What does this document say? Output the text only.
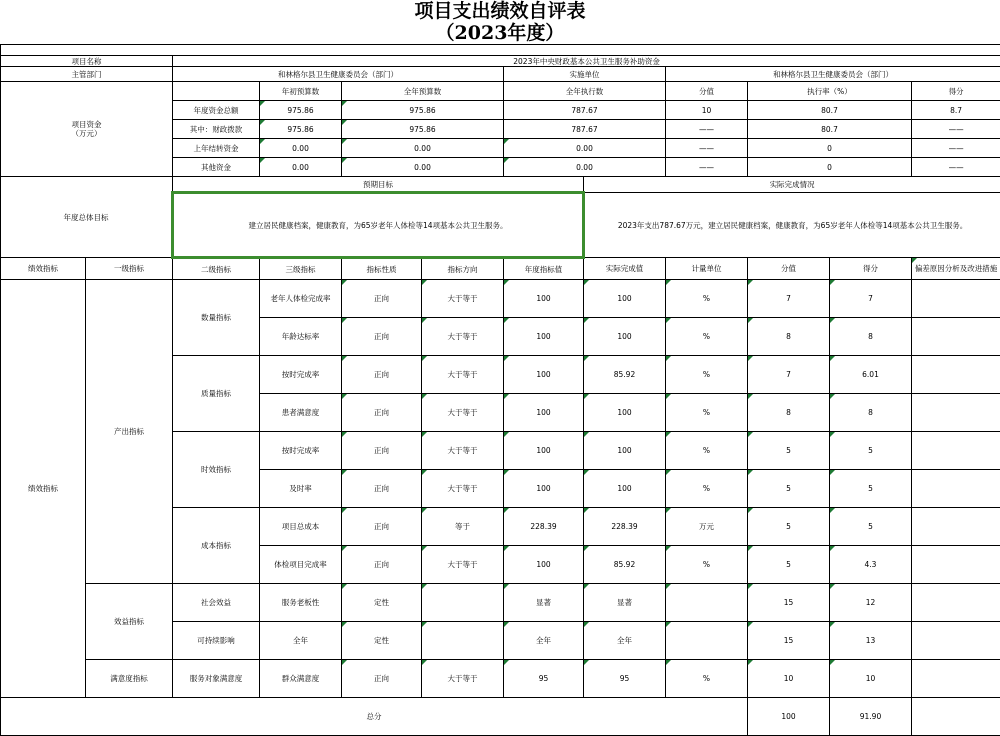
项目支出绩效自评表
（2023年度）

项目名称		2023年中央财政基本公共卫生服务补助资金									
主管部门		和林格尔县卫生健康委员会（部门）				实施单位		和林格尔县卫生健康委员会（部门）			
项目资金
（万元）			年初预算数	全年预算数		全年执行数		分值	执行率（%）		得分
		年度资金总额	975.86	975.86		787.67		10	80.7		8.7
		其中：财政拨款	975.86	975.86		787.67		——	80.7		——
		上年结转资金	0.00	0.00		0.00		——	0		——
		其他资金	0.00	0.00		0.00		——	0		——
年度总体目标		预期目标					实际完成情况				
		建立居民健康档案，健康教育，为65岁老年人体检等14项基本公共卫生服务。					2023年支出787.67万元，建立居民健康档案，健康教育，为65岁老年人体检等14项基本公共卫生服务。				
绩效指标	一级指标	二级指标	三级指标	指标性质	指标方向	年度指标值	实际完成值	计量单位	分值	得分	偏差原因分析及改进措施
绩效指标	产出指标	数量指标	老年人体检完成率	正向	大于等于	100	100	%	7	7	
			年龄达标率	正向	大于等于	100	100	%	8	8	
		质量指标	按时完成率	正向	大于等于	100	85.92	%	7	6.01	
			患者满意度	正向	大于等于	100	100	%	8	8	
		时效指标	按时完成率	正向	大于等于	100	100	%	5	5	
			及时率	正向	大于等于	100	100	%	5	5	
		成本指标	项目总成本	正向	等于	228.39	228.39	万元	5	5	
			体检项目完成率	正向	大于等于	100	85.92	%	5	4.3	
	效益指标	社会效益	服务老板性	定性		显著	显著		15	12	
		可持续影响	全年	定性		全年	全年		15	13	
	满意度指标	服务对象满意度	群众满意度	正向	大于等于	95	95	%	10	10	
总分									100	91.90	
